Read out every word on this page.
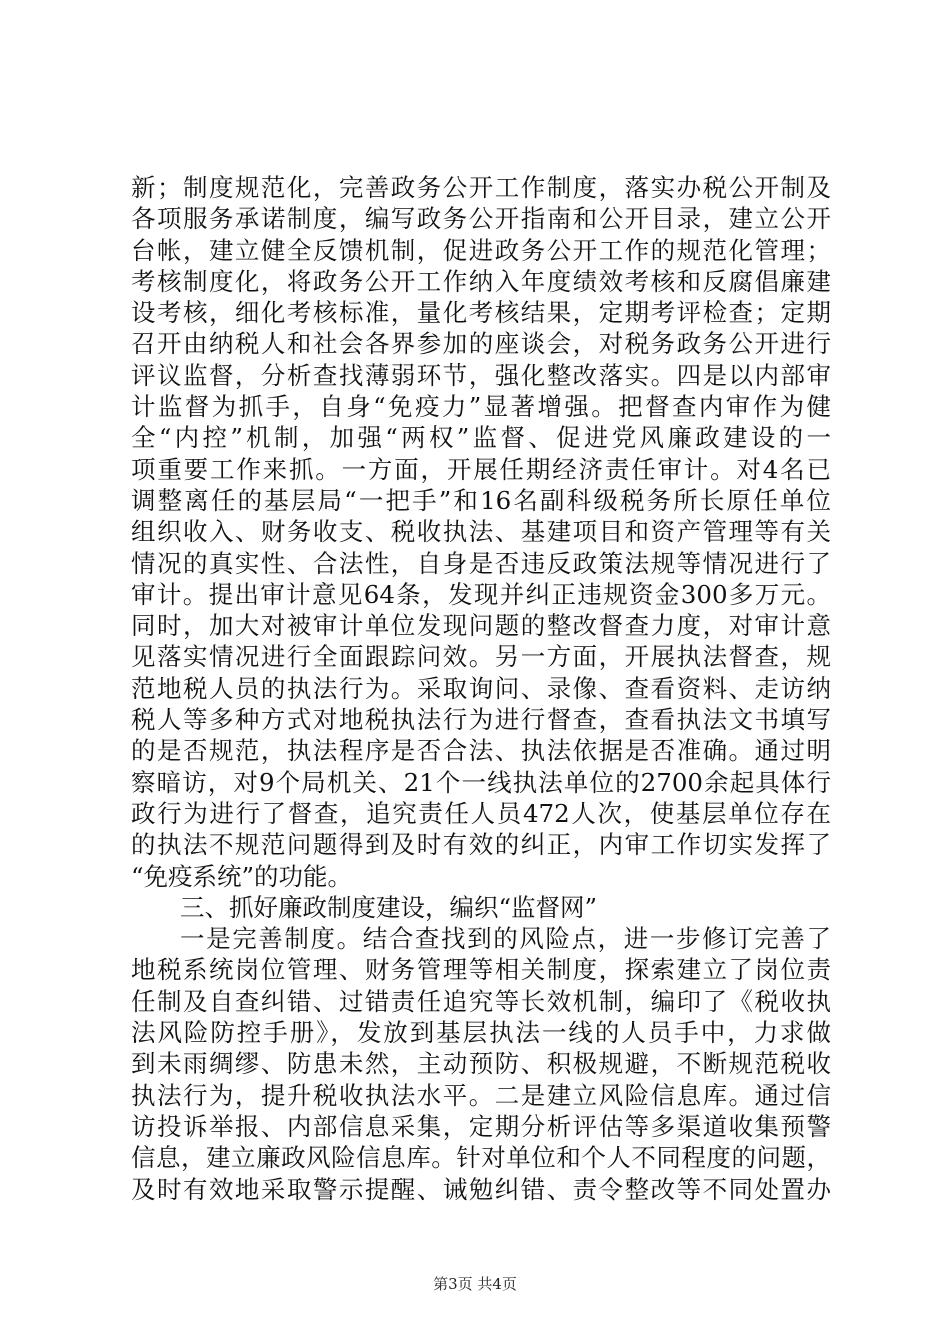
新；制度规范化，完善政务公开工作制度，落实办税公开制及
各项服务承诺制度，编写政务公开指南和公开目录，建立公开
台帐，建立健全反馈机制，促进政务公开工作的规范化管理；
考核制度化，将政务公开工作纳入年度绩效考核和反腐倡廉建
设考核，细化考核标准，量化考核结果，定期考评检查；定期
召开由纳税人和社会各界参加的座谈会，对税务政务公开进行
评议监督，分析查找薄弱环节，强化整改落实。四是以内部审
计监督为抓手，自身“免疫力”显著增强。把督查内审作为健
全“内控”机制，加强“两权”监督、促进党风廉政建设的一
项重要工作来抓。一方面，开展任期经济责任审计。对4名已
调整离任的基层局“一把手”和16名副科级税务所长原任单位
组织收入、财务收支、税收执法、基建项目和资产管理等有关
情况的真实性、合法性，自身是否违反政策法规等情况进行了
审计。提出审计意见64条，发现并纠正违规资金300多万元。
同时，加大对被审计单位发现问题的整改督查力度，对审计意
见落实情况进行全面跟踪问效。另一方面，开展执法督查，规
范地税人员的执法行为。采取询问、录像、查看资料、走访纳
税人等多种方式对地税执法行为进行督查，查看执法文书填写
的是否规范，执法程序是否合法、执法依据是否准确。通过明
察暗访，对9个局机关、21个一线执法单位的2700余起具体行
政行为进行了督查，追究责任人员472人次，使基层单位存在
的执法不规范问题得到及时有效的纠正，内审工作切实发挥了
“免疫系统”的功能。
三、抓好廉政制度建设，编织“监督网”
一是完善制度。结合查找到的风险点，进一步修订完善了
地税系统岗位管理、财务管理等相关制度，探索建立了岗位责
任制及自查纠错、过错责任追究等长效机制，编印了《税收执
法风险防控手册》，发放到基层执法一线的人员手中，力求做
到未雨绸缪、防患未然，主动预防、积极规避，不断规范税收
执法行为，提升税收执法水平。二是建立风险信息库。通过信
访投诉举报、内部信息采集，定期分析评估等多渠道收集预警
信息，建立廉政风险信息库。针对单位和个人不同程度的问题，
及时有效地采取警示提醒、诫勉纠错、责令整改等不同处置办
第3页 共4页
